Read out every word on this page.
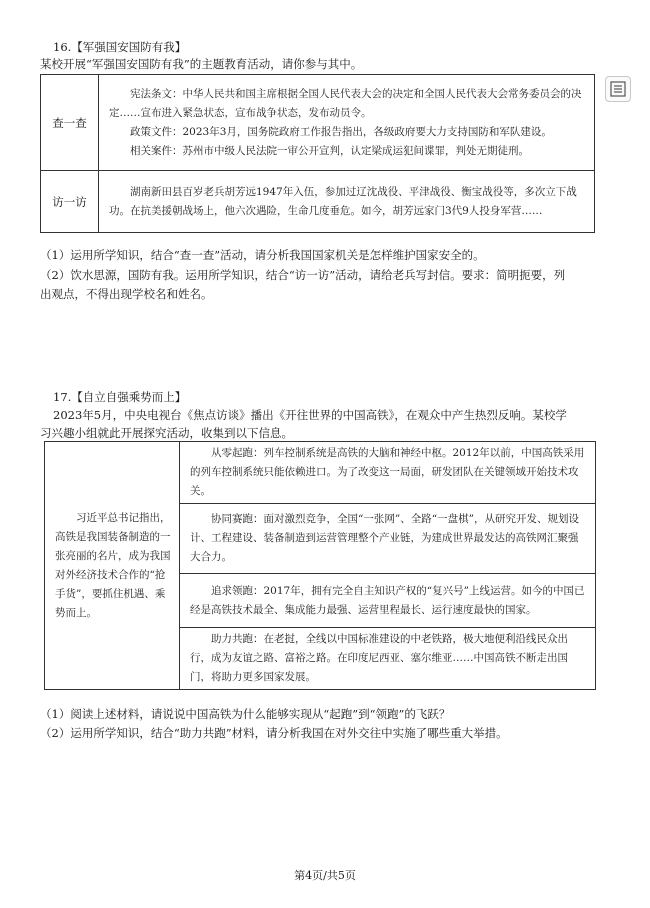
16.【军强国安国防有我】
某校开展“军强国安国防有我”的主题教育活动，请你参与其中。
查一查	宪法条文：中华人民共和国主席根据全国人民代表大会的决定和全国人民代表大会常务委员会的决定……宣布进入紧急状态，宣布战争状态，发布动员令。
政策文件：2023年3月，国务院政府工作报告指出，各级政府要大力支持国防和军队建设。
相关案件：苏州市中级人民法院一审公开宣判，认定梁成运犯间谍罪，判处无期徒刑。

访一访	湖南新田县百岁老兵胡芳远1947年入伍，参加过辽沈战役、平津战役、衡宝战役等，多次立下战功。在抗美援朝战场上，他六次遇险，生命几度垂危。如今，胡芳远家门3代9人投身军营……
（1）运用所学知识，结合“查一查”活动，请分析我国国家机关是怎样维护国家安全的。
（2）饮水思源，国防有我。运用所学知识，结合“访一访”活动，请给老兵写封信。要求：简明扼要，列
出观点，不得出现学校名和姓名。
17.【自立自强乘势而上】
2023年5月，中央电视台《焦点访谈》播出《开往世界的中国高铁》，在观众中产生热烈反响。某校学
习兴趣小组就此开展探究活动，收集到以下信息。
习近平总书记指出，高铁是我国装备制造的一张亮丽的名片，成为我国对外经济技术合作的“抢手货”，要抓住机遇、乘势而上。

从零起跑：列车控制系统是高铁的大脑和神经中枢。2012年以前，中国高铁采用的列车控制系统只能依赖进口。为了改变这一局面，研发团队在关键领域开始技术攻关。

协同赛跑：面对激烈竞争，全国“一张网”、全路“一盘棋”，从研究开发、规划设计、工程建设、装备制造到运营管理整个产业链，为建成世界最发达的高铁网汇聚强大合力。

追求领跑：2017年，拥有完全自主知识产权的“复兴号”上线运营。如今的中国已经是高铁技术最全、集成能力最强、运营里程最长、运行速度最快的国家。

助力共跑：在老挝，全线以中国标准建设的中老铁路，极大地便利沿线民众出行，成为友谊之路、富裕之路。在印度尼西亚、塞尔维亚……中国高铁不断走出国门，将助力更多国家发展。
（1）阅读上述材料，请说说中国高铁为什么能够实现从“起跑”到“领跑”的飞跃？
（2）运用所学知识，结合“助力共跑”材料，请分析我国在对外交往中实施了哪些重大举措。
第4页/共5页
